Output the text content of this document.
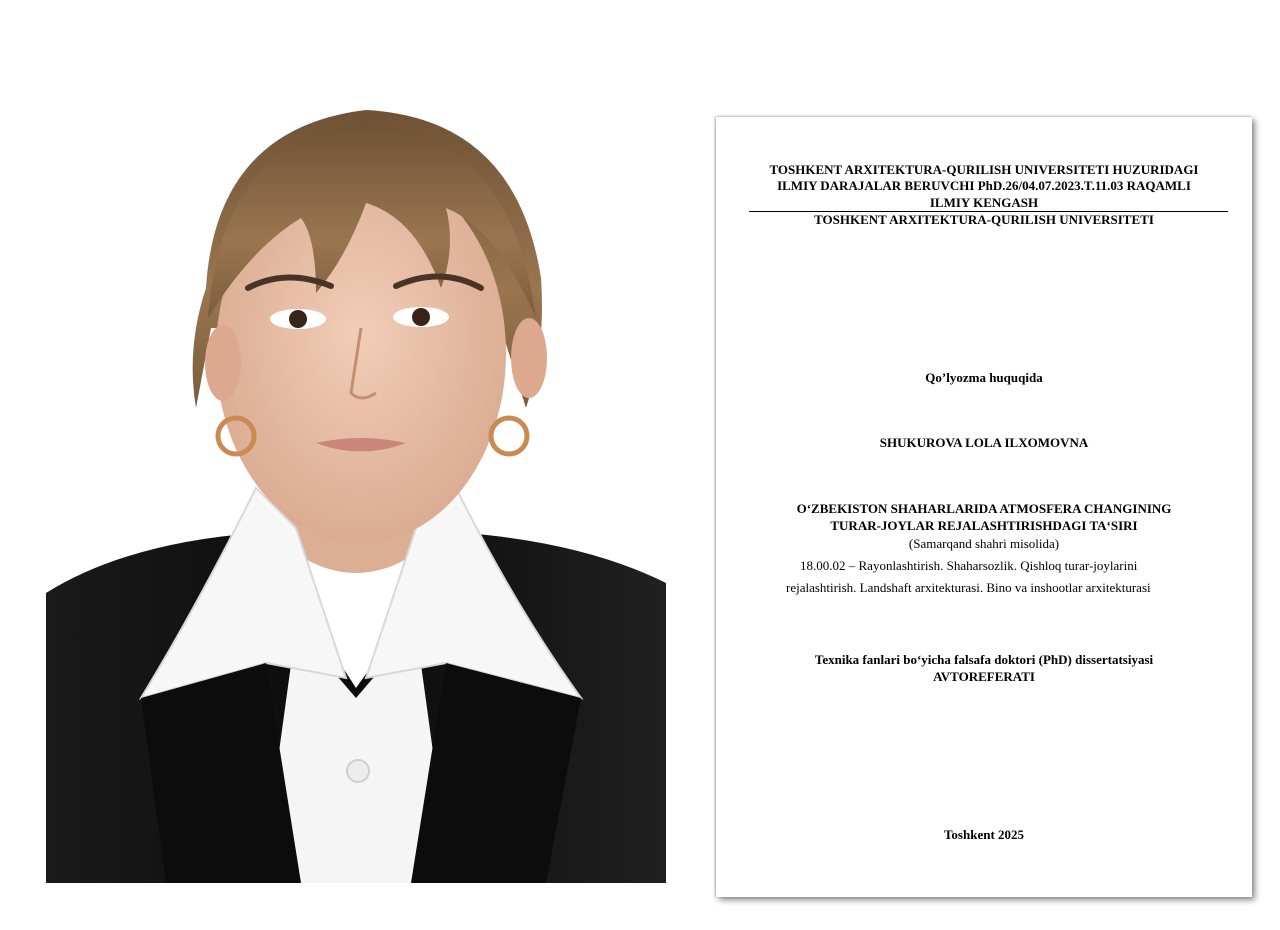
TOSHKENT ARXITEKTURA-QURILISH UNIVERSITETI HUZURIDAGI
ILMIY DARAJALAR BERUVCHI PhD.26/04.07.2023.T.11.03 RAQAMLI
ILMIY KENGASH
TOSHKENT ARXITEKTURA-QURILISH UNIVERSITETI
Qo’lyozma huquqida
SHUKUROVA LOLA ILXOMOVNA
O‘ZBEKISTON SHAHARLARIDA ATMOSFERA CHANGINING
TURAR-JOYLAR REJALASHTIRISHDAGI TA‘SIRI
(Samarqand shahri misolida)
18.00.02 – Rayonlashtirish. Shaharsozlik. Qishloq turar-joylarini
rejalashtirish. Landshaft arxitekturasi. Bino va inshootlar arxitekturasi
Texnika fanlari bo‘yicha falsafa doktori (PhD) dissertatsiyasi
AVTOREFERATI
Toshkent 2025
